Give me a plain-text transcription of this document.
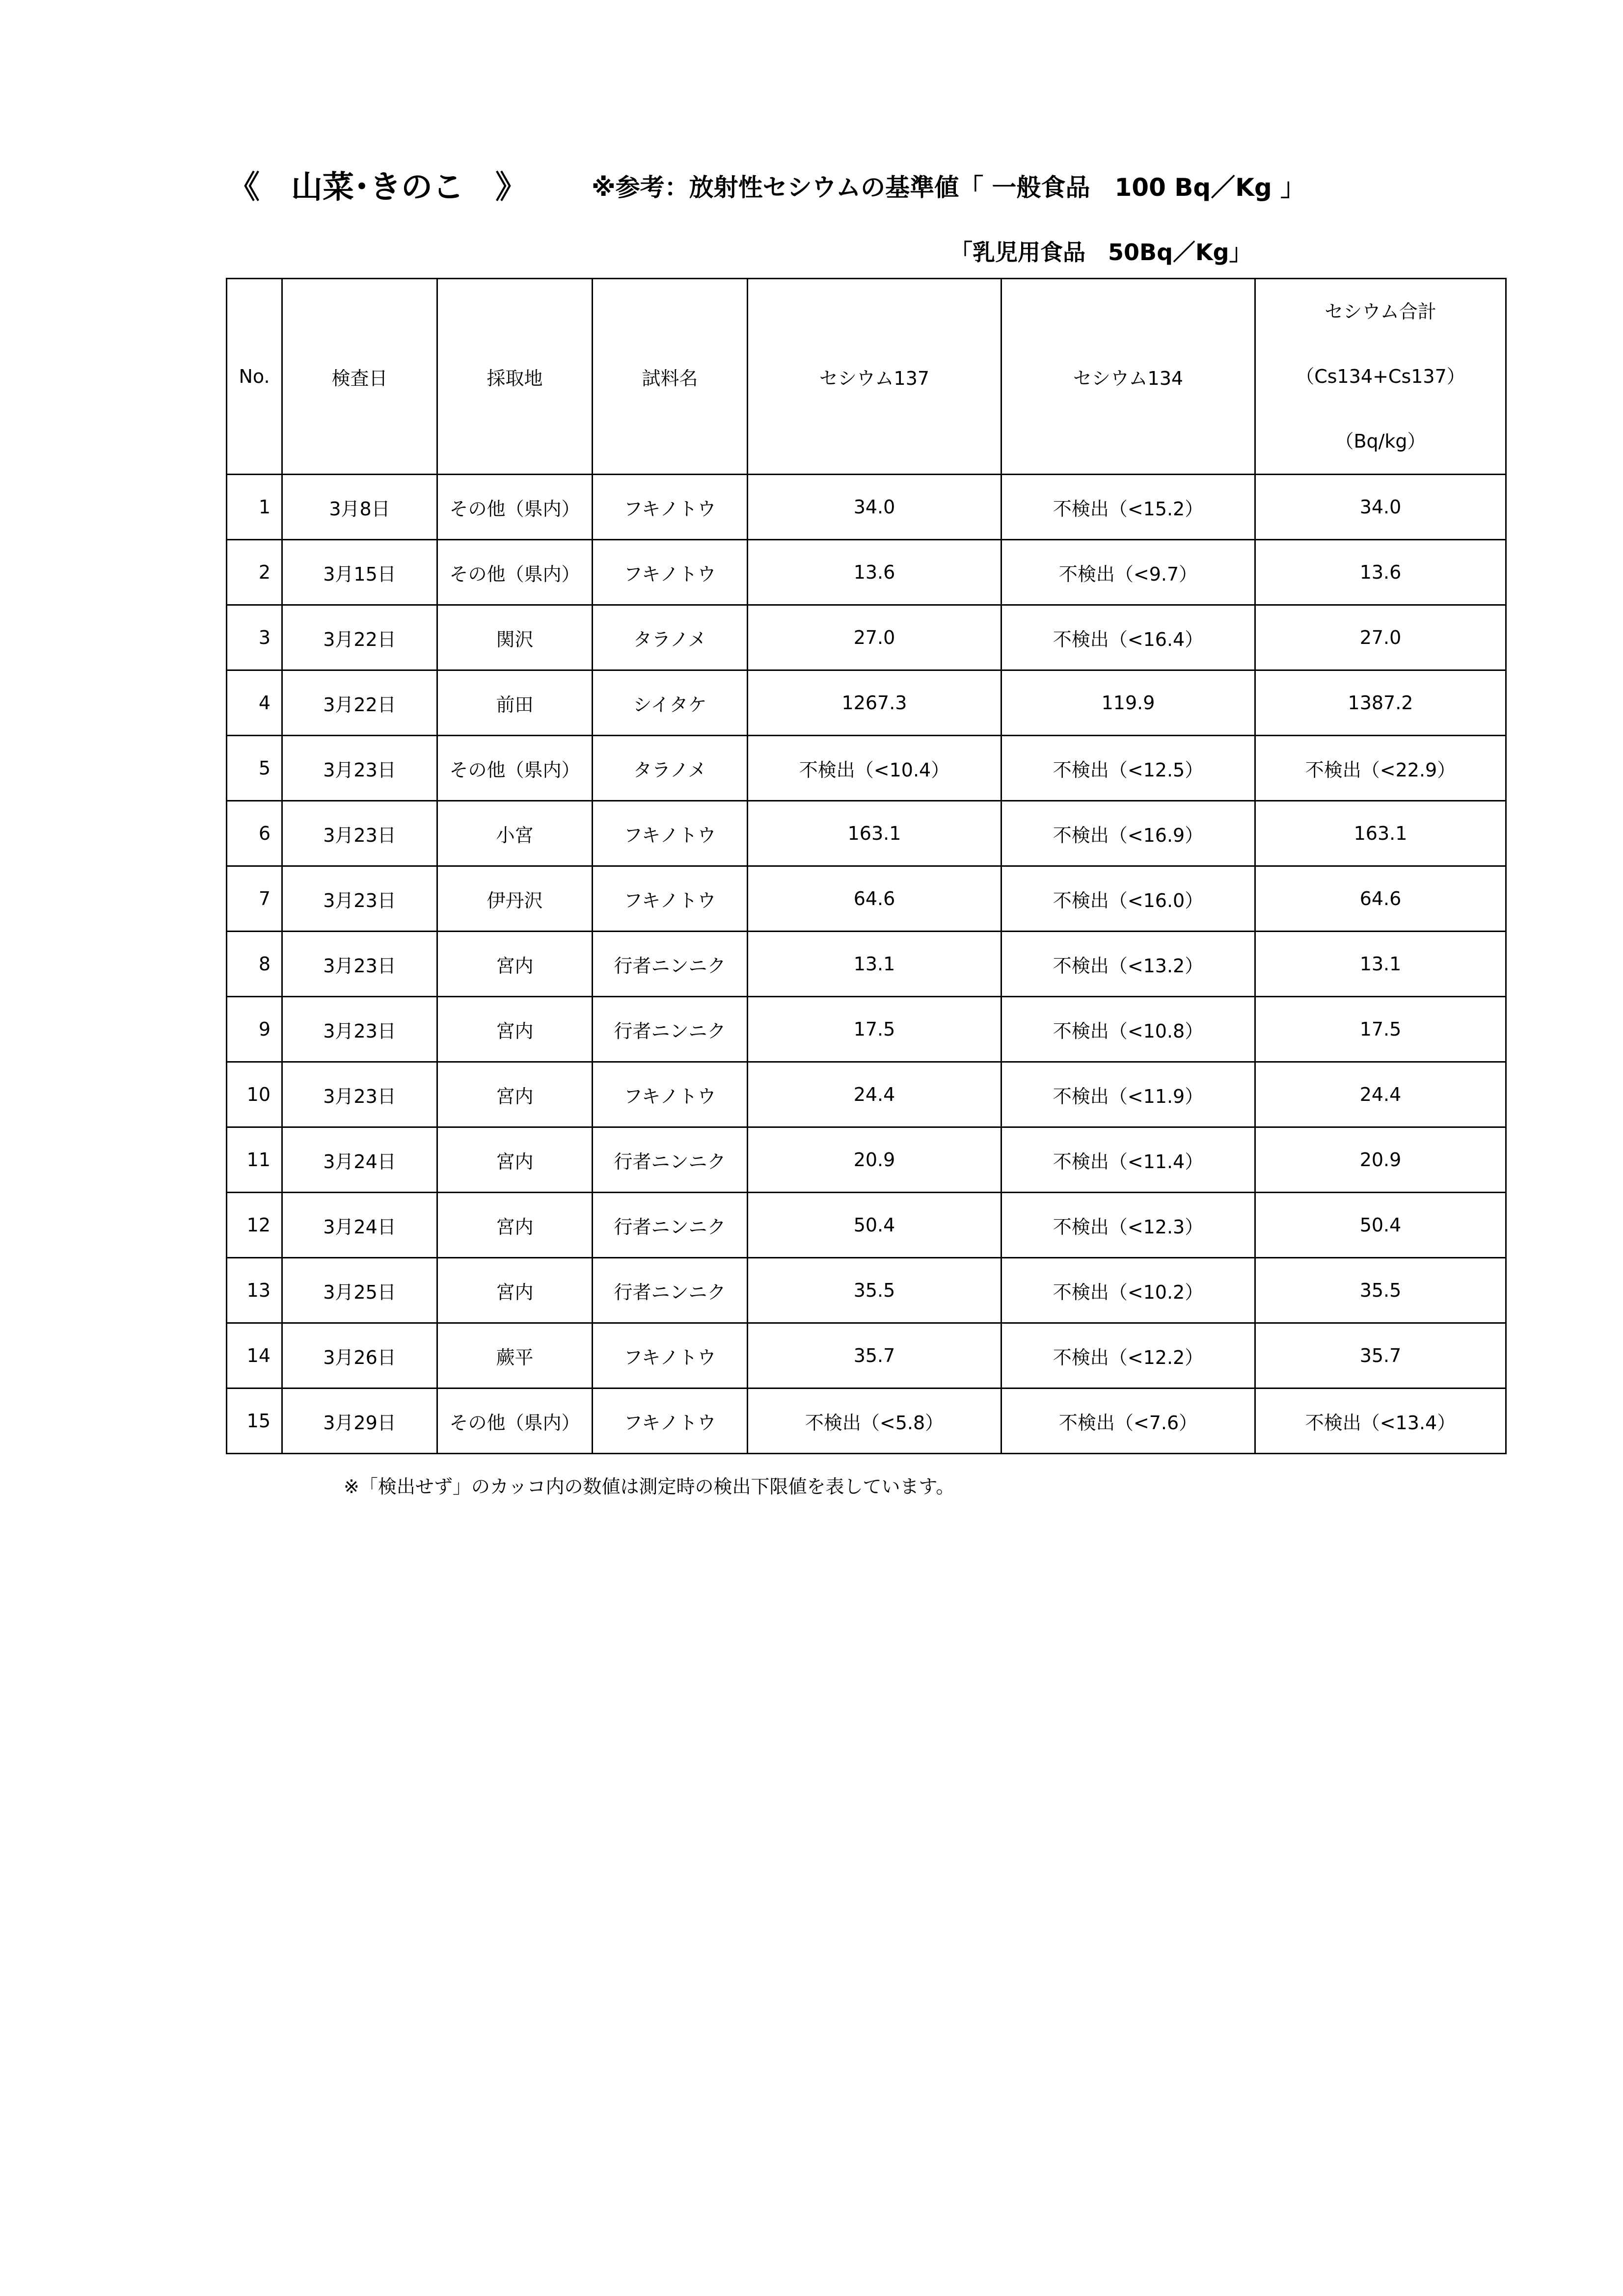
《　山菜･きのこ　》	※参考：放射性セシウムの基準値「 一般食品　100 Bq／Kg 」
「乳児用食品　50Bq／Kg」
No.	検査日	採取地	試料名	セシウム137	セシウム134	セシウム合計
（Cs134+Cs137）
（Bq/kg）

1	3月8日	その他（県内）	フキノトウ	34.0	不検出（<15.2）	34.0
2	3月15日	その他（県内）	フキノトウ	13.6	不検出（<9.7）	13.6
3	3月22日	関沢	タラノメ	27.0	不検出（<16.4）	27.0
4	3月22日	前田	シイタケ	1267.3	119.9	1387.2
5	3月23日	その他（県内）	タラノメ	不検出（<10.4）	不検出（<12.5）	不検出（<22.9）
6	3月23日	小宮	フキノトウ	163.1	不検出（<16.9）	163.1
7	3月23日	伊丹沢	フキノトウ	64.6	不検出（<16.0）	64.6
8	3月23日	宮内	行者ニンニク	13.1	不検出（<13.2）	13.1
9	3月23日	宮内	行者ニンニク	17.5	不検出（<10.8）	17.5
10	3月23日	宮内	フキノトウ	24.4	不検出（<11.9）	24.4
11	3月24日	宮内	行者ニンニク	20.9	不検出（<11.4）	20.9
12	3月24日	宮内	行者ニンニク	50.4	不検出（<12.3）	50.4
13	3月25日	宮内	行者ニンニク	35.5	不検出（<10.2）	35.5
14	3月26日	蕨平	フキノトウ	35.7	不検出（<12.2）	35.7
15	3月29日	その他（県内）	フキノトウ	不検出（<5.8）	不検出（<7.6）	不検出（<13.4）
※「検出せず」のカッコ内の数値は測定時の検出下限値を表しています。
